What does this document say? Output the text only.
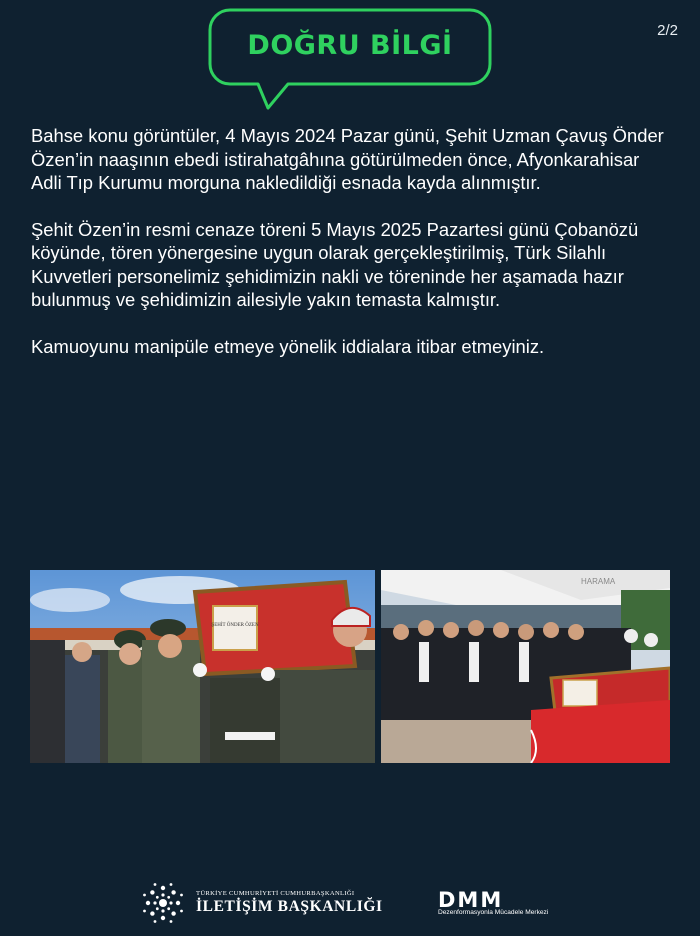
2/2
DOĞRU BİLGİ

Bahse konu görüntüler, 4 Mayıs 2024 Pazar günü, Şehit Uzman Çavuş Önder Özen’in naaşının ebedi istirahatgâhına götürülmeden önce, Afyonkarahisar Adli Tıp Kurumu morguna nakledildiği esnada kayda alınmıştır.

Şehit Özen’in resmi cenaze töreni 5 Mayıs 2025 Pazartesi günü Çobanözü köyünde, tören yönergesine uygun olarak gerçekleştirilmiş, Türk Silahlı Kuvvetleri personelimiz şehidimizin nakli ve töreninde her aşamada hazır bulunmuş ve şehidimizin ailesiyle yakın temasta kalmıştır.

Kamuoyunu manipüle etmeye yönelik iddialara itibar etmeyiniz.

ŞEHİT ÖNDER ÖZEN
HARAMA
TÜRKİYE CUMHURİYETİ CUMHURBAŞKANLIĞI
İLETİŞİM BAŞKANLIĞI	DMM
Dezenformasyonla Mücadele Merkezi
